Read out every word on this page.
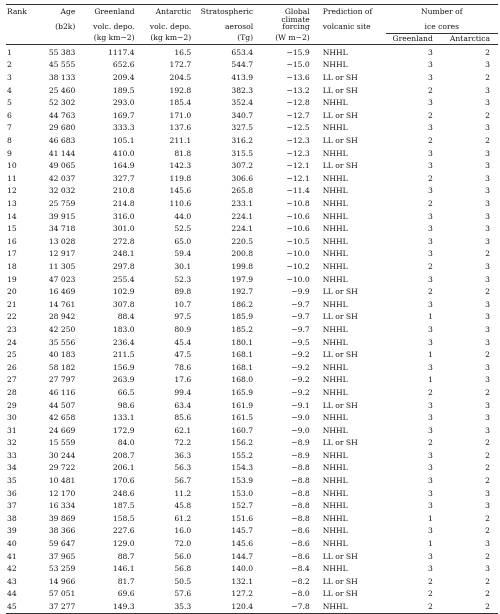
Rank	Age	Greenland	Antarctic	Stratospheric	Global climate	Prediction of	Number of	
	(b2k)	volc. depo.	volc. depo.	aerosol	forcing	volcanic site	ice cores	
		(kg km−2)	(kg km−2)	(Tg)	(W m−2)		Greenland	Antarctica
1	55 383	1117.4	16.5	653.4	−15.9	NHHL	3	2
2	45 555	652.6	172.7	544.7	−15.0	NHHL	3	3
3	38 133	209.4	204.5	413.9	−13.6	LL or SH	3	2
4	25 460	189.5	192.8	382.3	−13.2	LL or SH	2	3
5	52 302	293.0	185.4	352.4	−12.8	NHHL	3	3
6	44 763	169.7	171.0	340.7	−12.7	LL or SH	2	2
7	29 680	333.3	137.6	327.5	−12.5	NHHL	3	3
8	46 683	105.1	211.1	316.2	−12.3	LL or SH	2	2
9	41 144	410.0	81.8	315.5	−12.3	NHHL	3	3
10	49 065	164.9	142.3	307.2	−12.1	LL or SH	3	3
11	42 037	327.7	119.8	306.6	−12.1	NHHL	2	3
12	32 032	210.8	145.6	265.8	−11.4	NHHL	3	3
13	25 759	214.8	110.6	233.1	−10.8	NHHL	2	3
14	39 915	316.0	44.0	224.1	−10.6	NHHL	3	3
15	34 718	301.0	52.5	224.1	−10.6	NHHL	3	3
16	13 028	272.8	65.0	220.5	−10.5	NHHL	3	3
17	12 917	248.1	59.4	200.8	−10.0	NHHL	3	2
18	11 305	297.8	30.1	199.8	−10.2	NHHL	2	3
19	47 023	255.4	52.3	197.9	−10.0	NHHL	3	3
20	16 469	102.9	89.8	192.7	−9.9	LL or SH	2	2
21	14 761	307.8	10.7	186.2	−9.7	NHHL	3	3
22	28 942	88.4	97.5	185.9	−9.7	LL or SH	1	3
23	42 250	183.0	80.9	185.2	−9.7	NHHL	3	3
24	35 556	236.4	45.4	180.1	−9.5	NHHL	3	3
25	40 183	211.5	47.5	168.1	−9.2	LL or SH	1	2
26	58 182	156.9	78.6	168.1	−9.2	NHHL	3	3
27	27 797	263.9	17.6	168.0	−9.2	NHHL	1	3
28	46 116	66.5	99.4	165.9	−9.2	NHHL	2	2
29	44 507	98.6	63.4	161.9	−9.1	LL or SH	3	3
30	42 658	133.1	85.6	161.5	−9.0	NHHL	3	3
31	24 669	172.9	62.1	160.7	−9.0	NHHL	3	3
32	15 559	84.0	72.2	156.2	−8.9	LL or SH	2	2
33	30 244	208.7	36.3	155.2	−8.9	NHHL	3	2
34	29 722	206.1	56.3	154.3	−8.8	NHHL	3	2
35	10 481	170.6	56.7	153.9	−8.8	NHHL	3	2
36	12 170	248.6	11.2	153.0	−8.8	NHHL	3	3
37	16 334	187.5	45.8	152.7	−8.8	NHHL	3	3
38	39 869	158.5	61.2	151.6	−8.8	NHHL	1	2
39	38 366	227.6	16.0	145.7	−8.6	NHHL	3	2
40	59 647	129.0	72.0	145.6	−8.6	NHHL	1	3
41	37 965	88.7	56.0	144.7	−8.6	LL or SH	3	2
42	53 259	146.1	56.8	140.0	−8.4	NHHL	3	3
43	14 966	81.7	50.5	132.1	−8.2	LL or SH	2	2
44	57 051	69.6	57.6	127.2	−8.0	LL or SH	2	2
45	37 277	149.3	35.3	120.4	−7.8	NHHL	2	2
